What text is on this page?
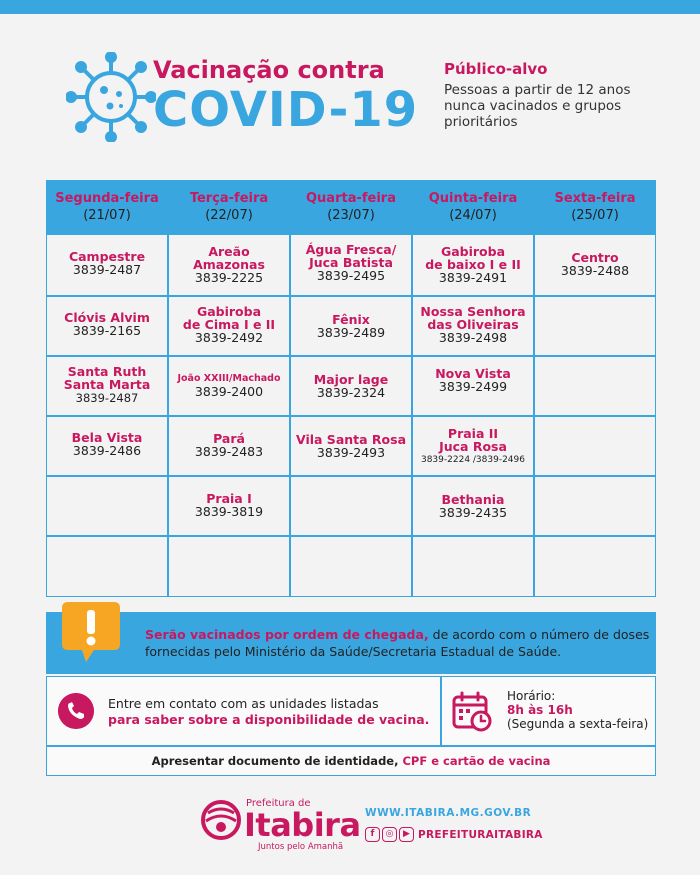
Vacinação contra
COVID-19
Público-alvo
Pessoas a partir de 12 anos nunca vacinados e grupos prioritários
Segunda-feira
(21/07)
Terça-feira
(22/07)
Quarta-feira
(23/07)
Quinta-feira
(24/07)
Sexta-feira
(25/07)
Campestre
3839-2487
Clóvis Alvim
3839-2165
Santa Ruth
Santa Marta
3839-2487
Bela Vista
3839-2486
Areão
Amazonas
3839-2225
Gabiroba
de Cima I e II
3839-2492
João XXIII/Machado
3839-2400
Pará
3839-2483
Praia I
3839-3819
Água Fresca/
Juca Batista
3839-2495
Fênix
3839-2489
Major lage
3839-2324
Vila Santa Rosa
3839-2493
Gabiroba
de baixo I e II
3839-2491
Nossa Senhora
das Oliveiras
3839-2498
Nova Vista
3839-2499
Praia II
Juca Rosa
3839-2224 /3839-2496
Bethania
3839-2435
Centro
3839-2488
Serão vacinados por ordem de chegada, de acordo com o número de doses fornecidas pelo Ministério da Saúde/Secretaria Estadual de Saúde.
Entre em contato com as unidades listadas
para saber sobre a disponibilidade de vacina.
Horário:
8h às 16h
(Segunda a sexta-feira)
Apresentar documento de identidade, CPF e cartão de vacina
Prefeitura de
Itabira
Juntos pelo Amanhã
WWW.ITABIRA.MG.GOV.BR
f ◎ ▶ PREFEITURAITABIRA
